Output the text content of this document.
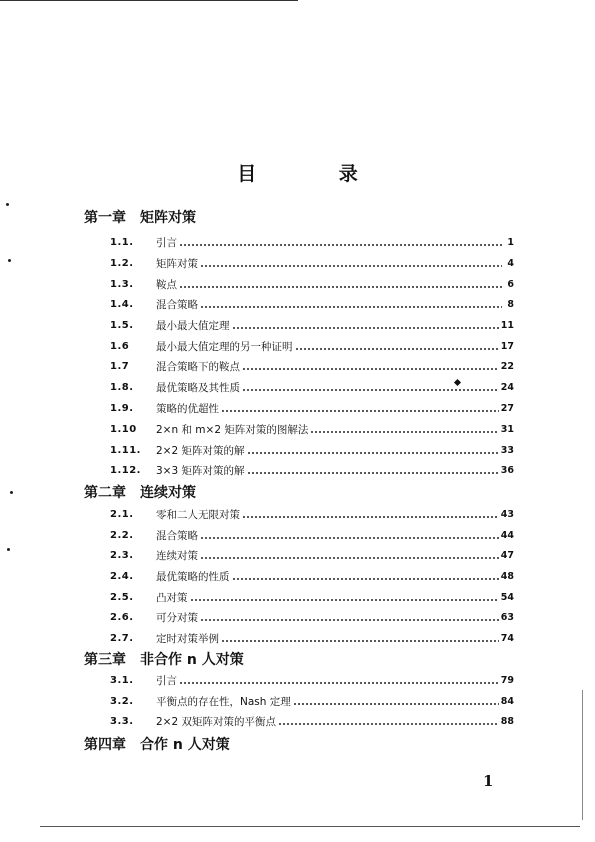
目 录
第一章 矩阵对策
1.1.	引言	1
1.2.	矩阵对策	4
1.3.	鞍点	6
1.4.	混合策略	8
1.5.	最小最大值定理	11
1.6	最小最大值定理的另一种证明	17
1.7	混合策略下的鞍点	22
1.8.	最优策略及其性质	24
1.9.	策略的优超性	27
1.10	2×n 和 m×2 矩阵对策的图解法	31
1.11.	2×2 矩阵对策的解	33
1.12.	3×3 矩阵对策的解	36
第二章 连续对策
2.1.	零和二人无限对策	43
2.2.	混合策略	44
2.3.	连续对策	47
2.4.	最优策略的性质	48
2.5.	凸对策	54
2.6.	可分对策	63
2.7.	定时对策举例	74
第三章 非合作 n 人对策
3.1.	引言	79
3.2.	平衡点的存在性，Nash 定理	84
3.3.	2×2 双矩阵对策的平衡点	88
第四章 合作 n 人对策
1
